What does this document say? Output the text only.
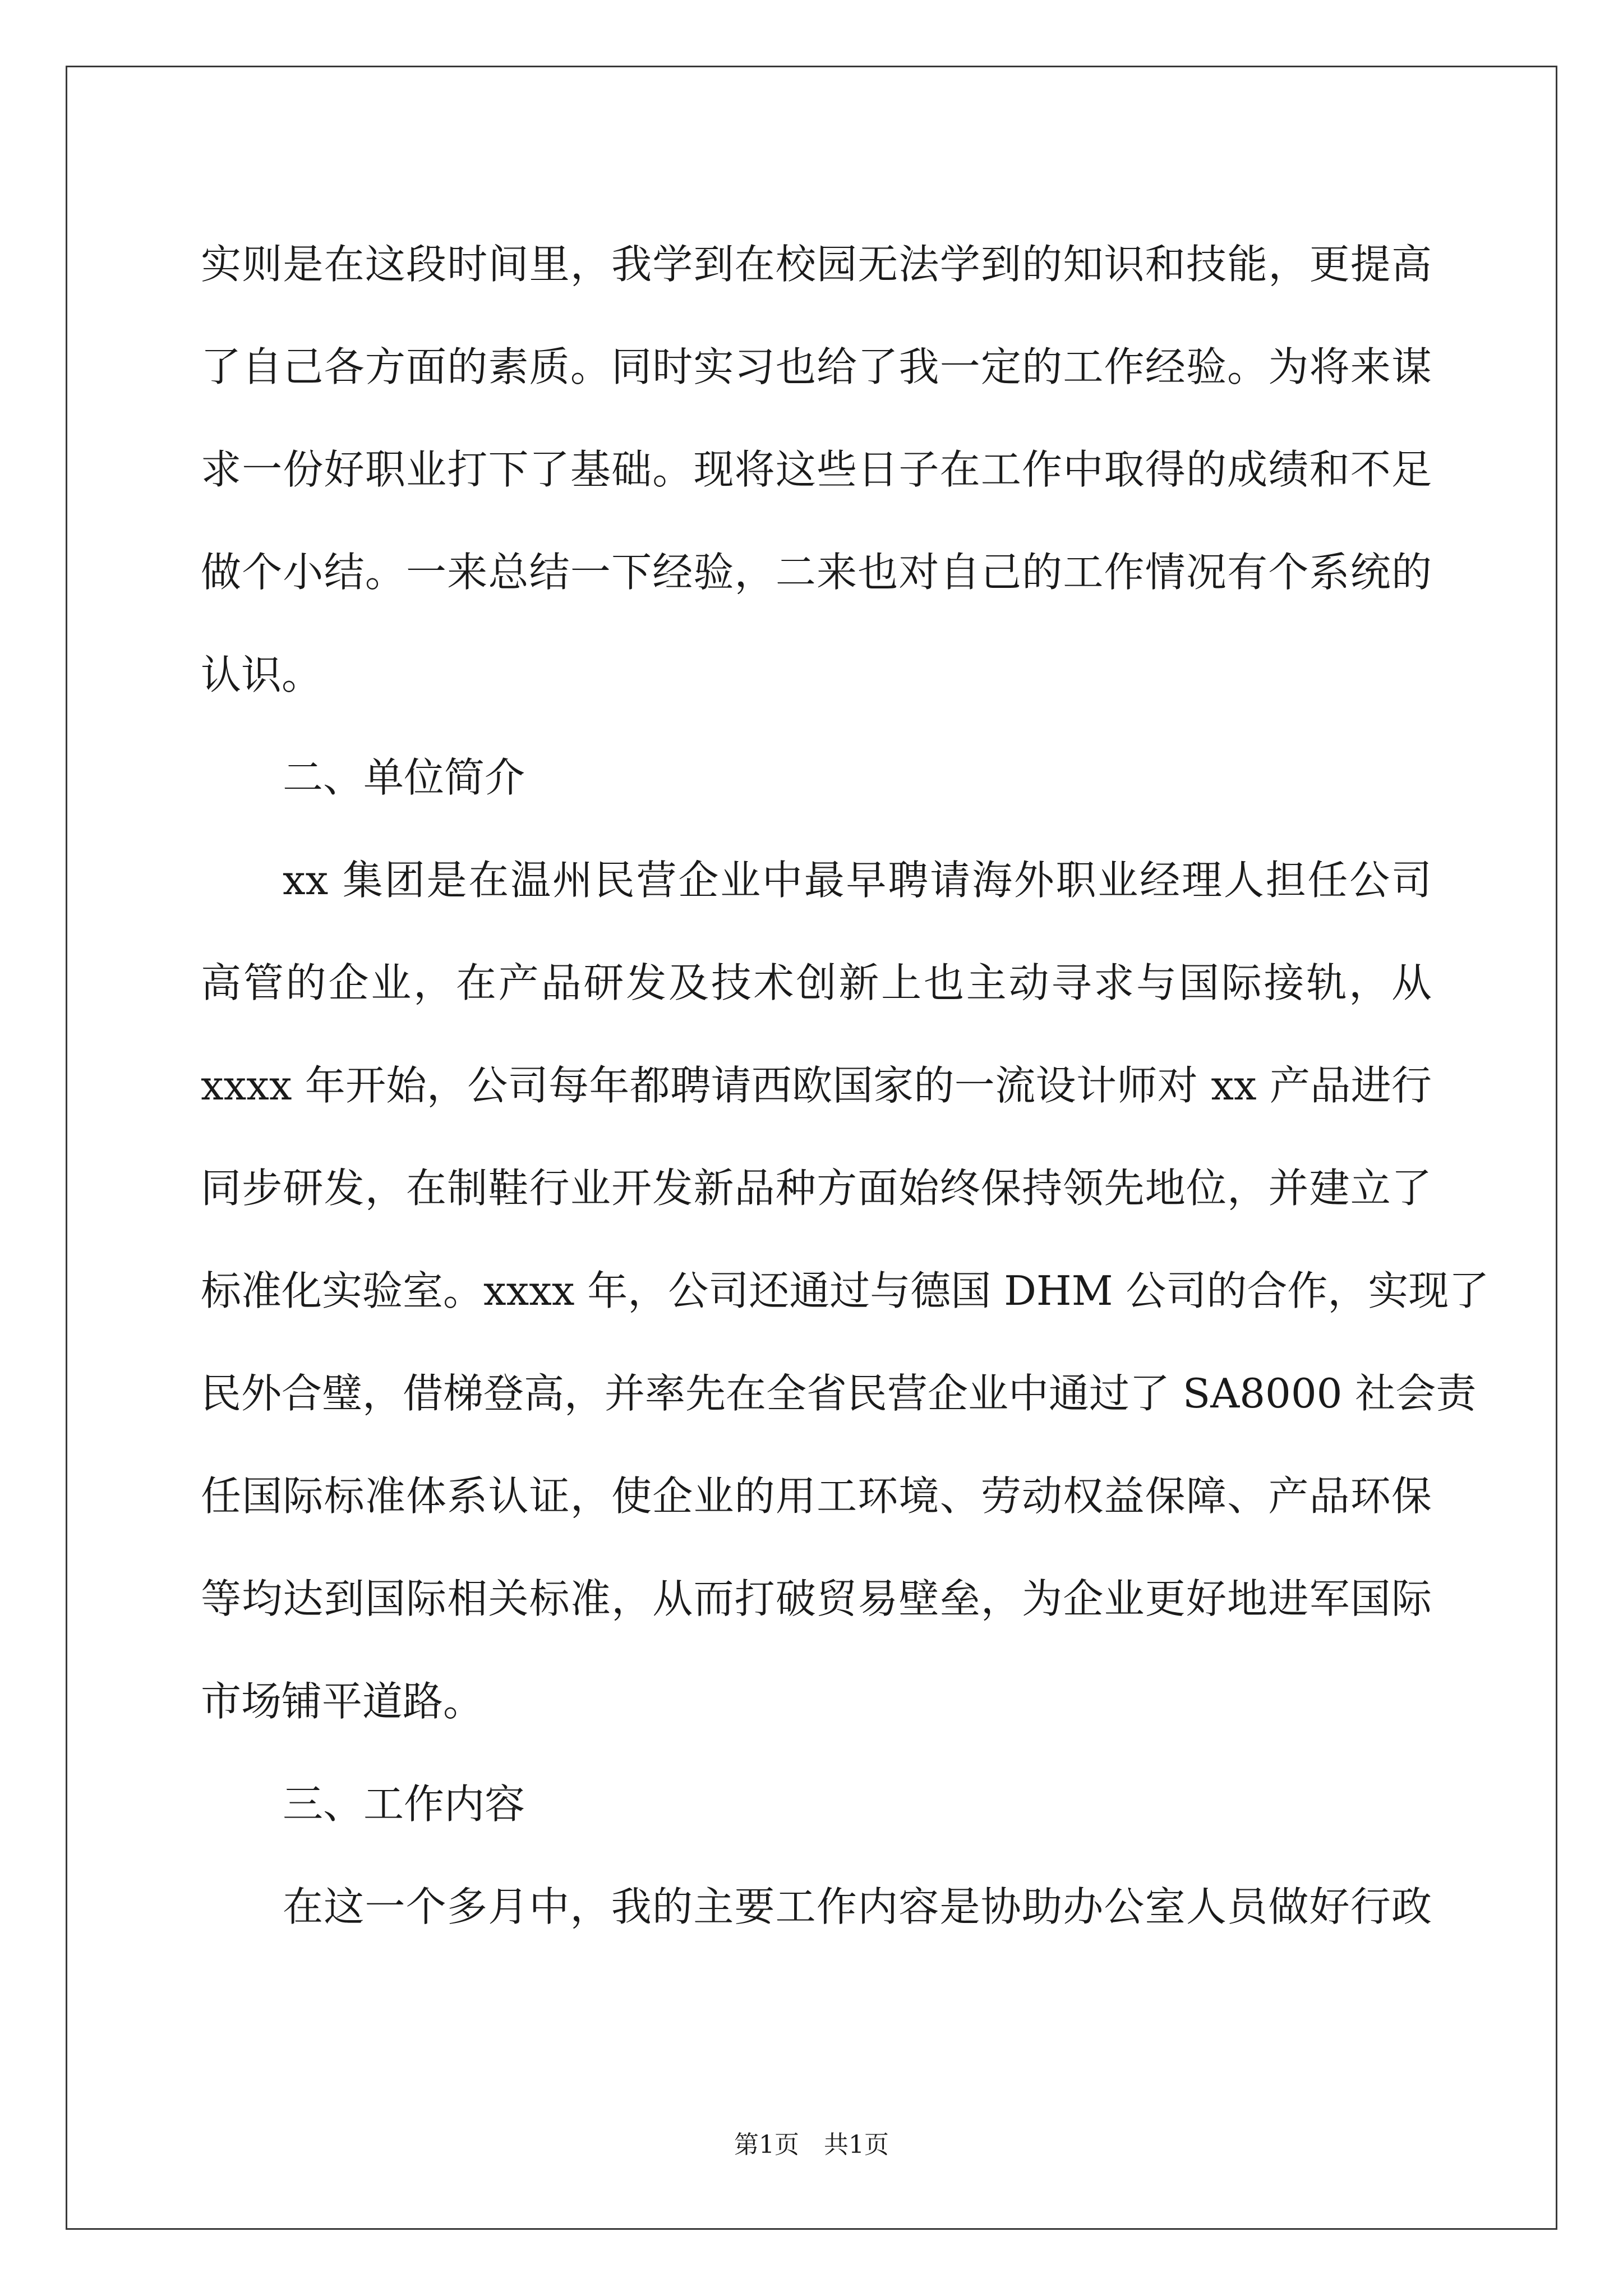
实则是在这段时间里，我学到在校园无法学到的知识和技能，更提高
了自己各方面的素质。同时实习也给了我一定的工作经验。为将来谋
求一份好职业打下了基础。现将这些日子在工作中取得的成绩和不足
做个小结。一来总结一下经验，二来也对自己的工作情况有个系统的
认识。
二、单位简介
xx 集团是在温州民营企业中最早聘请海外职业经理人担任公司
高管的企业，在产品研发及技术创新上也主动寻求与国际接轨，从
xxxx 年开始，公司每年都聘请西欧国家的一流设计师对 xx 产品进行
同步研发，在制鞋行业开发新品种方面始终保持领先地位，并建立了
标准化实验室。xxxx 年，公司还通过与德国 DHM 公司的合作，实现了
民外合璧，借梯登高，并率先在全省民营企业中通过了 SA8000 社会责
任国际标准体系认证，使企业的用工环境、劳动权益保障、产品环保
等均达到国际相关标准，从而打破贸易壁垒，为企业更好地进军国际
市场铺平道路。
三、工作内容
在这一个多月中，我的主要工作内容是协助办公室人员做好行政
第1页 共1页
